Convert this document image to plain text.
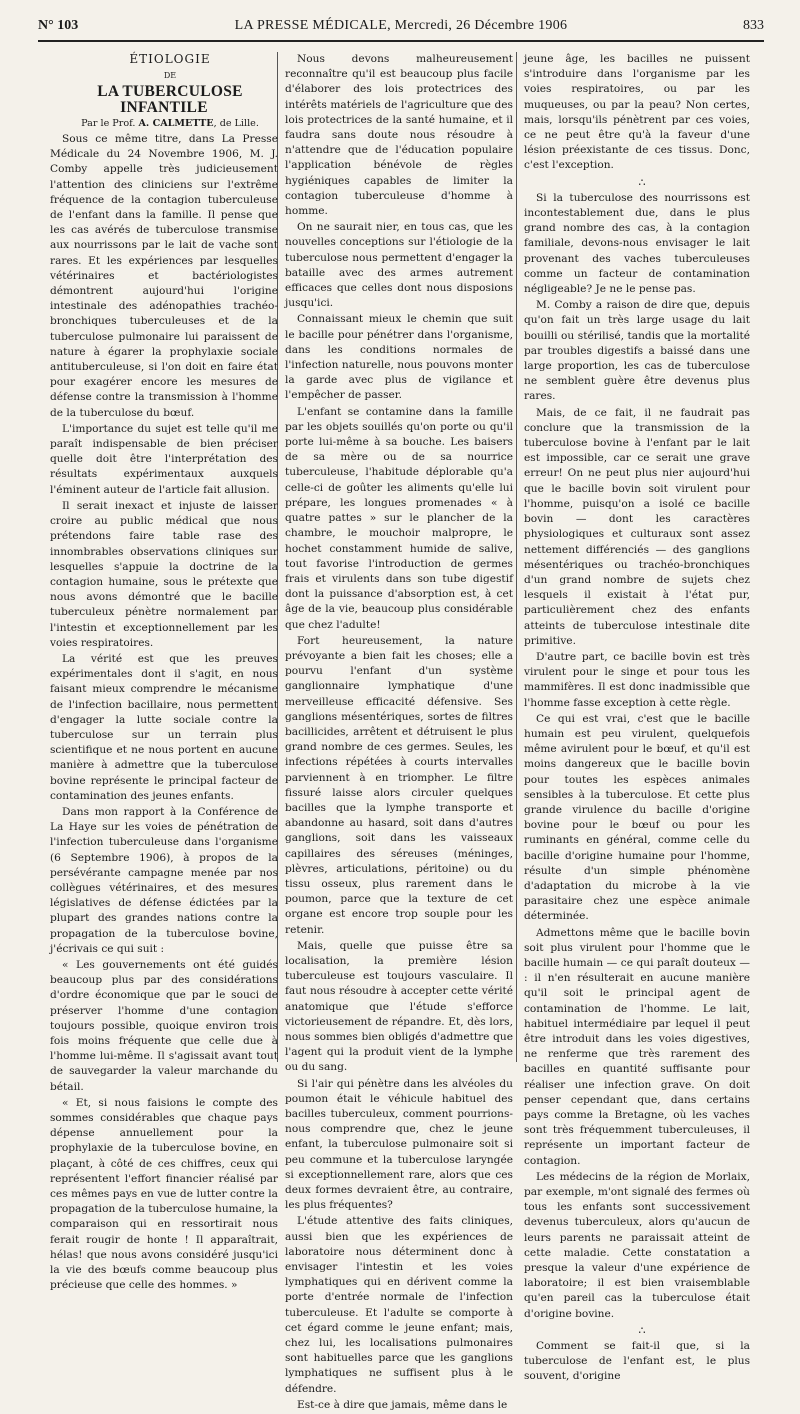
N° 103	LA PRESSE MÉDICALE, Mercredi, 26 Décembre 1906	833

ÉTIOLOGIE

DE

LA TUBERCULOSE INFANTILE

Par le Prof. A. CALMETTE, de Lille.

Sous ce même titre, dans La Presse Médicale du 24 Novembre 1906, M. J. Comby appelle très judicieusement l'attention des cliniciens sur l'extrême fréquence de la contagion tuberculeuse de l'enfant dans la famille. Il pense que les cas avérés de tuberculose transmise aux nourrissons par le lait de vache sont rares. Et les expériences par lesquelles vétérinaires et bactériologistes démontrent aujourd'hui l'origine intestinale des adénopathies trachéo-bronchiques tuberculeuses et de la tuberculose pulmonaire lui paraissent de nature à égarer la prophylaxie sociale antituberculeuse, si l'on doit en faire état pour exagérer encore les mesures de défense contre la transmission à l'homme de la tuberculose du bœuf.

L'importance du sujet est telle qu'il me paraît indispensable de bien préciser quelle doit être l'interprétation des résultats expérimentaux auxquels l'éminent auteur de l'article fait allusion.

Il serait inexact et injuste de laisser croire au public médical que nous prétendons faire table rase des innombrables observations cliniques sur lesquelles s'appuie la doctrine de la contagion humaine, sous le prétexte que nous avons démontré que le bacille tuberculeux pénètre normalement par l'intestin et exceptionnellement par les voies respiratoires.

La vérité est que les preuves expérimentales dont il s'agit, en nous faisant mieux comprendre le mécanisme de l'infection bacillaire, nous permettent d'engager la lutte sociale contre la tuberculose sur un terrain plus scientifique et ne nous portent en aucune manière à admettre que la tuberculose bovine représente le principal facteur de contamination des jeunes enfants.

Dans mon rapport à la Conférence de La Haye sur les voies de pénétration de l'infection tuberculeuse dans l'organisme (6 Septembre 1906), à propos de la persévérante campagne menée par nos collègues vétérinaires, et des mesures législatives de défense édictées par la plupart des grandes nations contre la propagation de la tuberculose bovine, j'écrivais ce qui suit :

« Les gouvernements ont été guidés beaucoup plus par des considérations d'ordre économique que par le souci de préserver l'homme d'une contagion toujours possible, quoique environ trois fois moins fréquente que celle due à l'homme lui-même. Il s'agissait avant tout de sauvegarder la valeur marchande du bétail.

« Et, si nous faisions le compte des sommes considérables que chaque pays dépense annuellement pour la prophylaxie de la tuberculose bovine, en plaçant, à côté de ces chiffres, ceux qui représentent l'effort financier réalisé par ces mêmes pays en vue de lutter contre la propagation de la tuberculose humaine, la comparaison qui en ressortirait nous ferait rougir de honte ! Il apparaîtrait, hélas! que nous avons considéré jusqu'ici la vie des bœufs comme beaucoup plus précieuse que celle des hommes. »

Nous devons malheureusement reconnaître qu'il est beaucoup plus facile d'élaborer des lois protectrices des intérêts matériels de l'agriculture que des lois protectrices de la santé humaine, et il faudra sans doute nous résoudre à n'attendre que de l'éducation populaire l'application bénévole de règles hygiéniques capables de limiter la contagion tuberculeuse d'homme à homme.

On ne saurait nier, en tous cas, que les nouvelles conceptions sur l'étiologie de la tuberculose nous permettent d'engager la bataille avec des armes autrement efficaces que celles dont nous disposions jusqu'ici.

Connaissant mieux le chemin que suit le bacille pour pénétrer dans l'organisme, dans les conditions normales de l'infection naturelle, nous pouvons monter la garde avec plus de vigilance et l'empêcher de passer.

L'enfant se contamine dans la famille par les objets souillés qu'on porte ou qu'il porte lui-même à sa bouche. Les baisers de sa mère ou de sa nourrice tuberculeuse, l'habitude déplorable qu'a celle-ci de goûter les aliments qu'elle lui prépare, les longues promenades « à quatre pattes » sur le plancher de la chambre, le mouchoir malpropre, le hochet constamment humide de salive, tout favorise l'introduction de germes frais et virulents dans son tube digestif dont la puissance d'absorption est, à cet âge de la vie, beaucoup plus considérable que chez l'adulte!

Fort heureusement, la nature prévoyante a bien fait les choses; elle a pourvu l'enfant d'un système ganglionnaire lymphatique d'une merveilleuse efficacité défensive. Ses ganglions mésentériques, sortes de filtres bacillicides, arrêtent et détruisent le plus grand nombre de ces germes. Seules, les infections répétées à courts intervalles parviennent à en triompher. Le filtre fissuré laisse alors circuler quelques bacilles que la lymphe transporte et abandonne au hasard, soit dans d'autres ganglions, soit dans les vaisseaux capillaires des séreuses (méninges, plèvres, articulations, péritoine) ou du tissu osseux, plus rarement dans le poumon, parce que la texture de cet organe est encore trop souple pour les retenir.

Mais, quelle que puisse être sa localisation, la première lésion tuberculeuse est toujours vasculaire. Il faut nous résoudre à accepter cette vérité anatomique que l'étude s'efforce victorieusement de répandre. Et, dès lors, nous sommes bien obligés d'admettre que l'agent qui la produit vient de la lymphe ou du sang.

Si l'air qui pénètre dans les alvéoles du poumon était le véhicule habituel des bacilles tuberculeux, comment pourrions-nous comprendre que, chez le jeune enfant, la tuberculose pulmonaire soit si peu commune et la tuberculose laryngée si exceptionnellement rare, alors que ces deux formes devraient être, au contraire, les plus fréquentes?

L'étude attentive des faits cliniques, aussi bien que les expériences de laboratoire nous déterminent donc à envisager l'intestin et les voies lymphatiques qui en dérivent comme la porte d'entrée normale de l'infection tuberculeuse. Et l'adulte se comporte à cet égard comme le jeune enfant; mais, chez lui, les localisations pulmonaires sont habituelles parce que les ganglions lymphatiques ne suffisent plus à le défendre.

Est-ce à dire que jamais, même dans le

jeune âge, les bacilles ne puissent s'introduire dans l'organisme par les voies respiratoires, ou par les muqueuses, ou par la peau? Non certes, mais, lorsqu'ils pénètrent par ces voies, ce ne peut être qu'à la faveur d'une lésion préexistante de ces tissus. Donc, c'est l'exception.

∴

Si la tuberculose des nourrissons est incontestablement due, dans le plus grand nombre des cas, à la contagion familiale, devons-nous envisager le lait provenant des vaches tuberculeuses comme un facteur de contamination négligeable? Je ne le pense pas.

M. Comby a raison de dire que, depuis qu'on fait un très large usage du lait bouilli ou stérilisé, tandis que la mortalité par troubles digestifs a baissé dans une large proportion, les cas de tuberculose ne semblent guère être devenus plus rares.

Mais, de ce fait, il ne faudrait pas conclure que la transmission de la tuberculose bovine à l'enfant par le lait est impossible, car ce serait une grave erreur! On ne peut plus nier aujourd'hui que le bacille bovin soit virulent pour l'homme, puisqu'on a isolé ce bacille bovin — dont les caractères physiologiques et culturaux sont assez nettement différenciés — des ganglions mésentériques ou trachéo-bronchiques d'un grand nombre de sujets chez lesquels il existait à l'état pur, particulièrement chez des enfants atteints de tuberculose intestinale dite primitive.

D'autre part, ce bacille bovin est très virulent pour le singe et pour tous les mammifères. Il est donc inadmissible que l'homme fasse exception à cette règle.

Ce qui est vrai, c'est que le bacille humain est peu virulent, quelquefois même avirulent pour le bœuf, et qu'il est moins dangereux que le bacille bovin pour toutes les espèces animales sensibles à la tuberculose. Et cette plus grande virulence du bacille d'origine bovine pour le bœuf ou pour les ruminants en général, comme celle du bacille d'origine humaine pour l'homme, résulte d'un simple phénomène d'adaptation du microbe à la vie parasitaire chez une espèce animale déterminée.

Admettons même que le bacille bovin soit plus virulent pour l'homme que le bacille humain — ce qui paraît douteux — : il n'en résulterait en aucune manière qu'il soit le principal agent de contamination de l'homme. Le lait, habituel intermédiaire par lequel il peut être introduit dans les voies digestives, ne renferme que très rarement des bacilles en quantité suffisante pour réaliser une infection grave. On doit penser cependant que, dans certains pays comme la Bretagne, où les vaches sont très fréquemment tuberculeuses, il représente un important facteur de contagion.

Les médecins de la région de Morlaix, par exemple, m'ont signalé des fermes où tous les enfants sont successivement devenus tuberculeux, alors qu'aucun de leurs parents ne paraissait atteint de cette maladie. Cette constatation a presque la valeur d'une expérience de laboratoire; il est bien vraisemblable qu'en pareil cas la tuberculose était d'origine bovine.

∴

Comment se fait-il que, si la tuberculose de l'enfant est, le plus souvent, d'origine
